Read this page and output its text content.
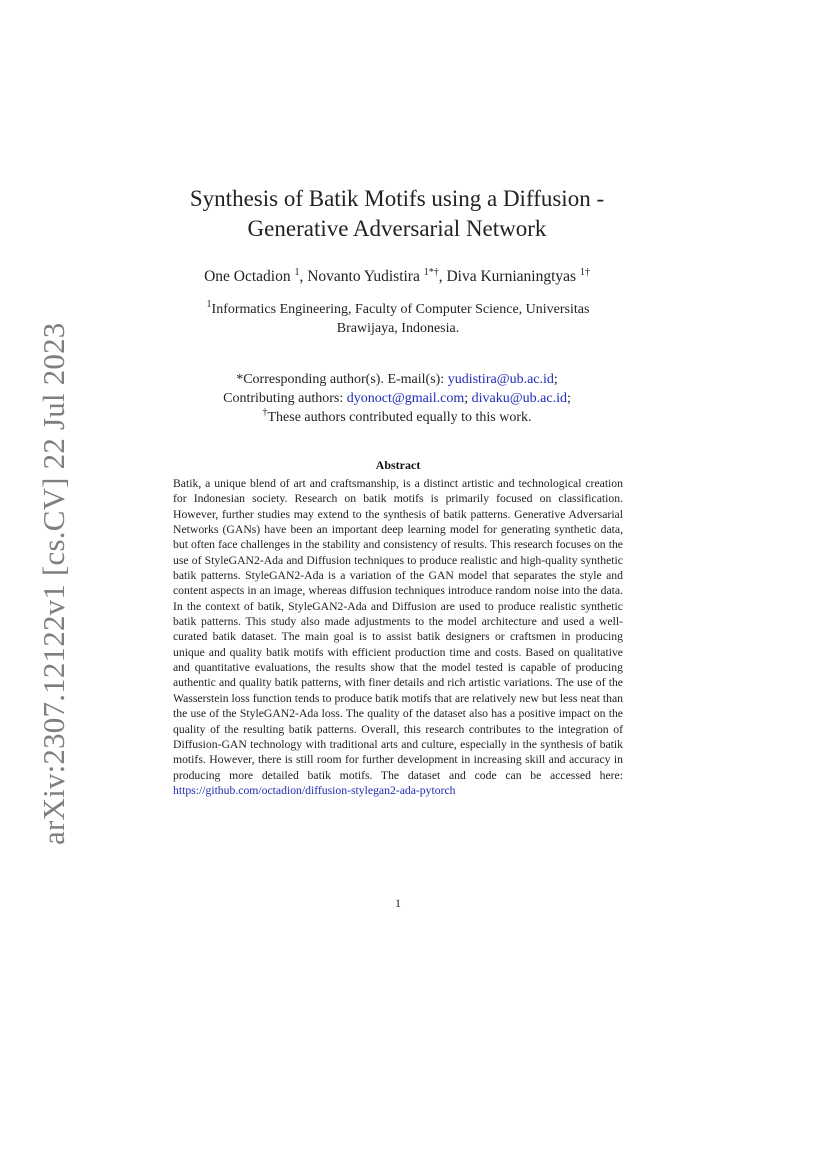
arXiv:2307.12122v1 [cs.CV] 22 Jul 2023
Synthesis of Batik Motifs using a Diffusion -
Generative Adversarial Network
One Octadion $^1$, Novanto Yudistira $^{1*\dagger}$, Diva Kurnianingtyas $^{1\dagger}$
$^1$Informatics Engineering, Faculty of Computer Science, Universitas
Brawijaya, Indonesia.
*Corresponding author(s). E-mail(s): yudistira@ub.ac.id;
Contributing authors: dyonoct@gmail.com; divaku@ub.ac.id;
†These authors contributed equally to this work.
Abstract

Batik, a unique blend of art and craftsmanship, is a distinct artistic and technological creation for Indonesian society. Research on batik motifs is primarily focused on classification. However, further studies may extend to the synthesis of batik patterns. Generative Adversarial Networks (GANs) have been an important deep learning model for generating synthetic data, but often face challenges in the stability and consistency of results. This research focuses on the use of StyleGAN2-Ada and Diffusion techniques to produce realistic and high-quality synthetic batik patterns. StyleGAN2-Ada is a variation of the GAN model that separates the style and content aspects in an image, whereas diffusion techniques introduce random noise into the data. In the context of batik, StyleGAN2-Ada and Diffusion are used to produce realistic synthetic batik patterns. This study also made adjustments to the model architecture and used a well-curated batik dataset. The main goal is to assist batik designers or craftsmen in producing unique and quality batik motifs with efficient production time and costs. Based on qualitative and quantitative evaluations, the results show that the model tested is capable of producing authentic and quality batik patterns, with finer details and rich artistic variations. The use of the Wasserstein loss function tends to produce batik motifs that are relatively new but less neat than the use of the StyleGAN2-Ada loss. The quality of the dataset also has a positive impact on the quality of the resulting batik patterns. Overall, this research contributes to the integration of Diffusion-GAN technology with traditional arts and culture, especially in the synthesis of batik motifs. However, there is still room for further development in increasing skill and accuracy in producing more detailed batik motifs. The dataset and code can be accessed here: https://github.com/octadion/diffusion-stylegan2-ada-pytorch

1
